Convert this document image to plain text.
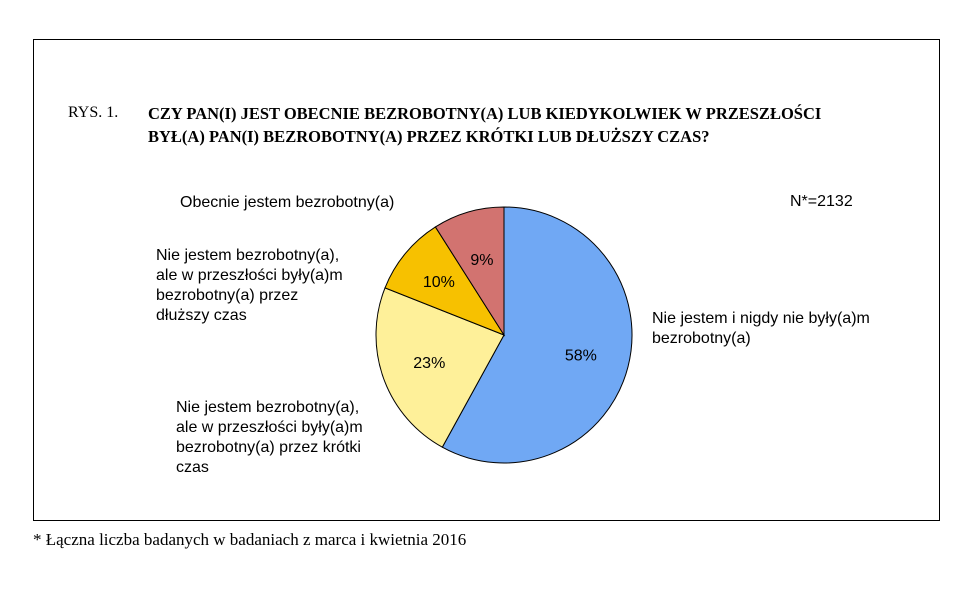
RYS. 1. CZY PAN(I) JEST OBECNIE BEZROBOTNY(A) LUB KIEDYKOLWIEK W PRZESZŁOŚCI
BYŁ(A) PAN(I) BEZROBOTNY(A) PRZEZ KRÓTKI LUB DŁUŻSZY CZAS?
58%
23%
10%
9%
Nie jestem i nigdy nie były(a)m
bezrobotny(a)
Nie jestem bezrobotny(a),
ale w przeszłości były(a)m
bezrobotny(a) przez krótki
czas
Nie jestem bezrobotny(a),
ale w przeszłości były(a)m
bezrobotny(a) przez
dłuższy czas
Obecnie jestem bezrobotny(a)	N*=2132
* Łączna liczba badanych w badaniach z marca i kwietnia 2016
